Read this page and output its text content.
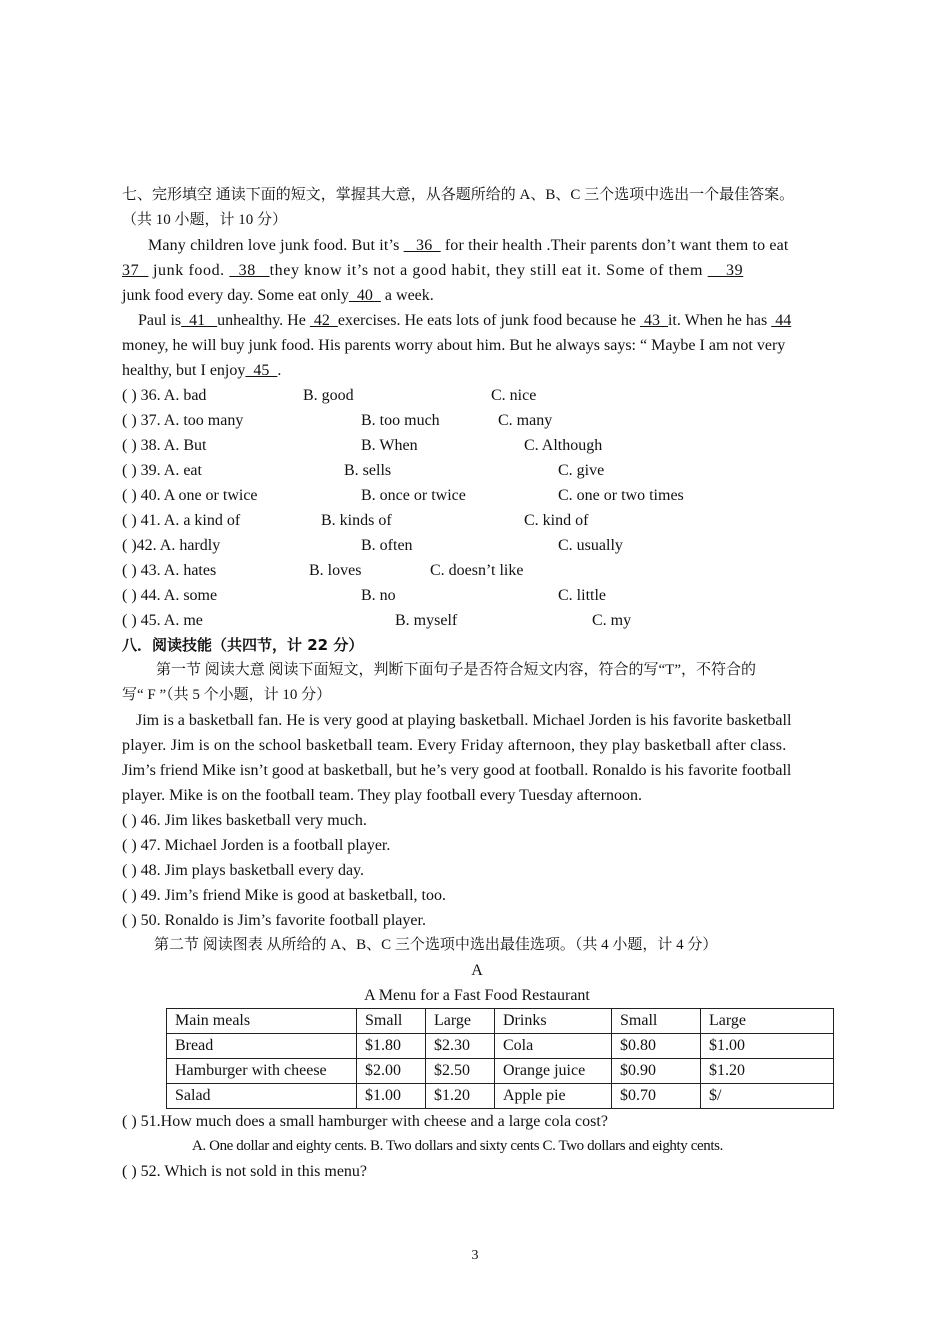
七、完形填空 通读下面的短文，掌握其大意，从各题所给的 A、B、C 三个选项中选出一个最佳答案。
（共 10 小题，计 10 分）
Many children love junk food. But it’s    36   for their health .Their parents don’t want them to eat
37   junk food.   38   they know it’s not a good habit, they still eat it. Some of them     39
junk food every day. Some eat only  40   a week.
Paul is  41   unhealthy. He  42  exercises. He eats lots of junk food because he  43  it. When he has  44
money, he will buy junk food. His parents worry about him. But he always says: “ Maybe I am not very
healthy, but I enjoy  45  .
( ) 36. A. bad	B. good	C. nice
( ) 37. A. too many	B. too much	C. many
( ) 38. A. But	B. When	C. Although
( ) 39. A. eat	B. sells	C. give
( ) 40. A one or twice	B. once or twice	C. one or two times
( ) 41. A. a kind of	B. kinds of	C. kind of
( )42. A. hardly	B. often	C. usually
( ) 43. A. hates	B. loves	C. doesn’t like
( ) 44. A. some	B. no	C. little
( ) 45. A. me	B. myself	C. my
八．阅读技能（共四节，计 22 分）
第一节 阅读大意 阅读下面短文，判断下面句子是否符合短文内容，符合的写“T”，不符合的
写“ F ”（共 5 个小题，计 10 分）
Jim is a basketball fan. He is very good at playing basketball. Michael Jorden is his favorite basketball
player. Jim is on the school basketball team. Every Friday afternoon, they play basketball after class.
Jim’s friend Mike isn’t good at basketball, but he’s very good at football. Ronaldo is his favorite football
player. Mike is on the football team. They play football every Tuesday afternoon.
( ) 46. Jim likes basketball very much.
( ) 47. Michael Jorden is a football player.
( ) 48. Jim plays basketball every day.
( ) 49. Jim’s friend Mike is good at basketball, too.
( ) 50. Ronaldo is Jim’s favorite football player.
第二节 阅读图表 从所给的 A、B、C 三个选项中选出最佳选项。（共 4 小题，计 4 分）
A
A Menu for a Fast Food Restaurant
Main meals	Small	Large	Drinks	Small	Large
Bread	$1.80	$2.30	Cola	$0.80	$1.00
Hamburger with cheese	$2.00	$2.50	Orange juice	$0.90	$1.20
Salad	$1.00	$1.20	Apple pie	$0.70	$/
( ) 51.How much does a small hamburger with cheese and a large cola cost?
A. One dollar and eighty cents. B. Two dollars and sixty cents C. Two dollars and eighty cents.
( ) 52. Which is not sold in this menu?
3
